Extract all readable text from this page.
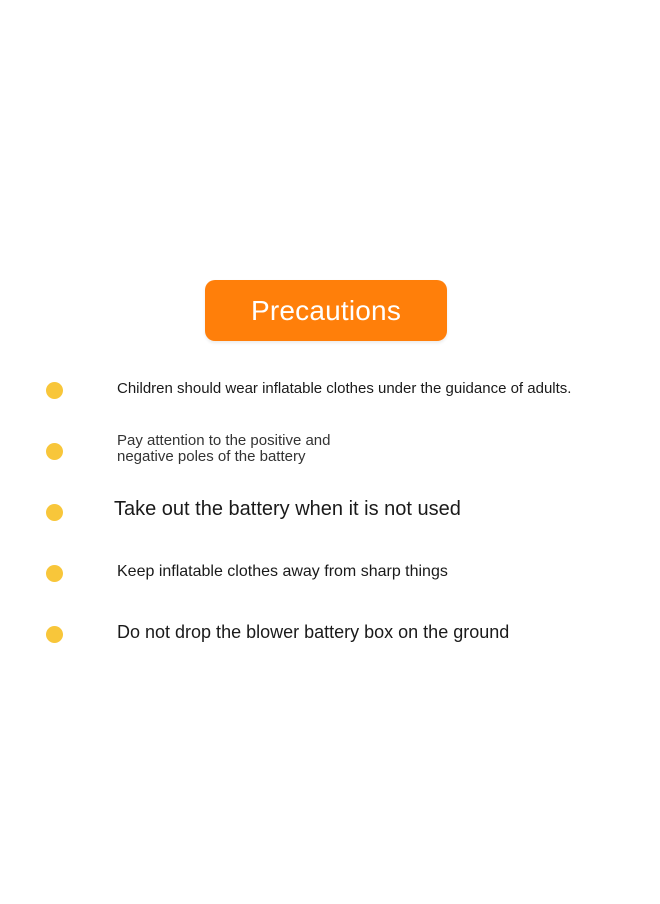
Precautions
Children should wear inflatable clothes under the guidance of adults.
Pay attention to the positive and
negative poles of the battery
Take out the battery when it is not used
Keep inflatable clothes away from sharp things
Do not drop the blower battery box on the ground
